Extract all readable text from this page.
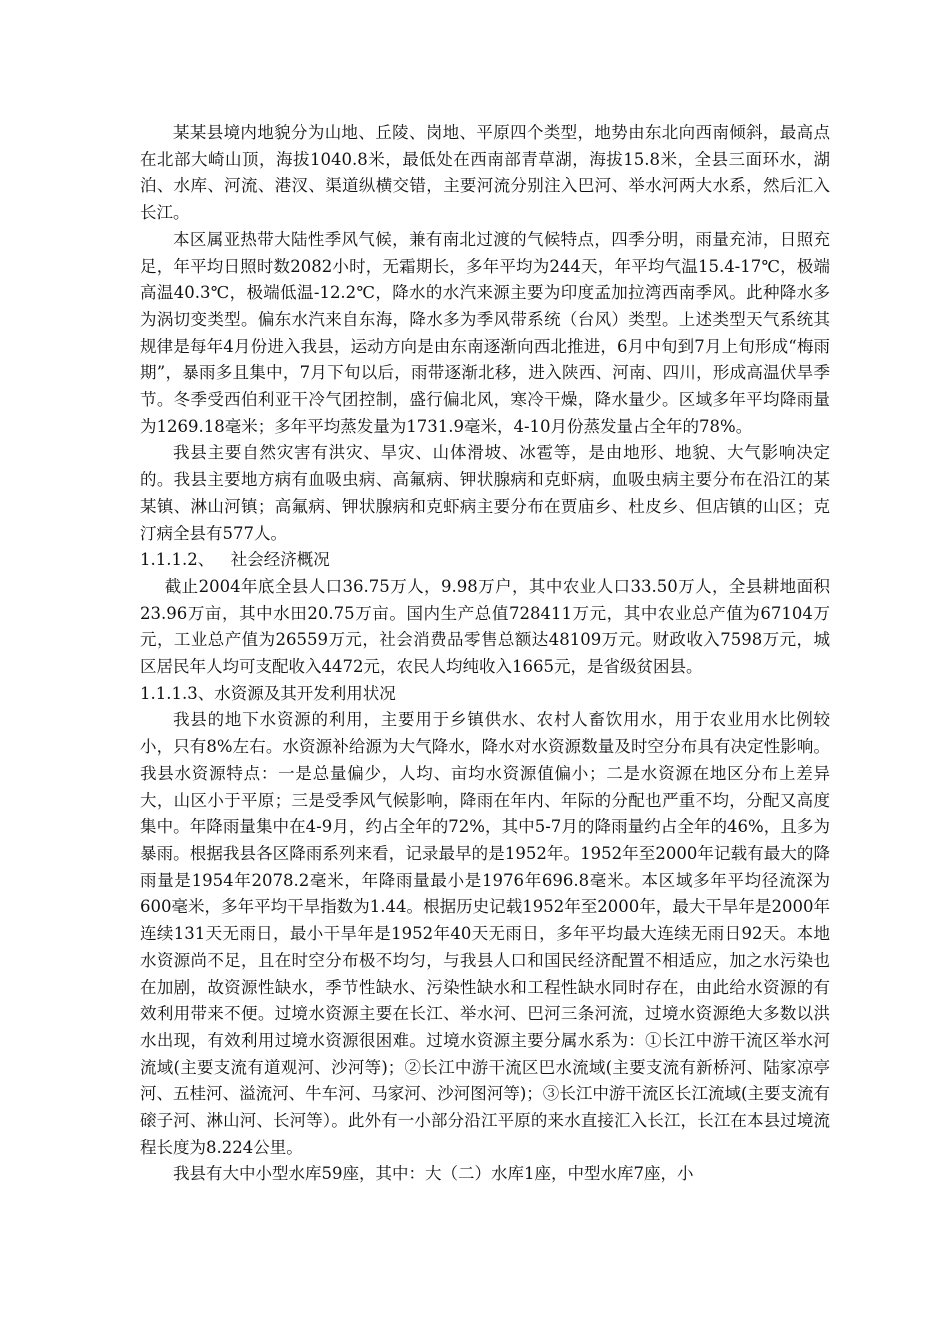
某某县境内地貌分为山地、丘陵、岗地、平原四个类型，地势由东北向西南倾斜，最高点在北部大崎山顶，海拔1040.8米，最低处在西南部青草湖，海拔15.8米，全县三面环水，湖泊、水库、河流、港汊、渠道纵横交错，主要河流分别注入巴河、举水河两大水系，然后汇入长江。

本区属亚热带大陆性季风气候，兼有南北过渡的气候特点，四季分明，雨量充沛，日照充足，年平均日照时数2082小时，无霜期长，多年平均为244天，年平均气温15.4-17℃，极端高温40.3℃，极端低温-12.2℃，降水的水汽来源主要为印度孟加拉湾西南季风。此种降水多为涡切变类型。偏东水汽来自东海，降水多为季风带系统（台风）类型。上述类型天气系统其规律是每年4月份进入我县，运动方向是由东南逐渐向西北推进，6月中旬到7月上旬形成“梅雨期”，暴雨多且集中，7月下旬以后，雨带逐渐北移，进入陕西、河南、四川，形成高温伏旱季节。冬季受西伯利亚干冷气团控制，盛行偏北风，寒冷干燥，降水量少。区域多年平均降雨量为1269.18毫米；多年平均蒸发量为1731.9毫米，4-10月份蒸发量占全年的78%。

我县主要自然灾害有洪灾、旱灾、山体滑坡、冰雹等，是由地形、地貌、大气影响决定的。我县主要地方病有血吸虫病、高氟病、钾状腺病和克虾病，血吸虫病主要分布在沿江的某某镇、淋山河镇；高氟病、钾状腺病和克虾病主要分布在贾庙乡、杜皮乡、但店镇的山区；克汀病全县有577人。

1.1.1.2、 社会经济概况

截止2004年底全县人口36.75万人，9.98万户，其中农业人口33.50万人，全县耕地面积23.96万亩，其中水田20.75万亩。国内生产总值728411万元，其中农业总产值为67104万元，工业总产值为26559万元，社会消费品零售总额达48109万元。财政收入7598万元，城区居民年人均可支配收入4472元，农民人均纯收入1665元，是省级贫困县。

1.1.1.3、水资源及其开发利用状况

我县的地下水资源的利用，主要用于乡镇供水、农村人畜饮用水，用于农业用水比例较小，只有8%左右。水资源补给源为大气降水，降水对水资源数量及时空分布具有决定性影响。我县水资源特点：一是总量偏少，人均、亩均水资源值偏小；二是水资源在地区分布上差异大，山区小于平原；三是受季风气候影响，降雨在年内、年际的分配也严重不均，分配又高度集中。年降雨量集中在4-9月，约占全年的72%，其中5-7月的降雨量约占全年的46%，且多为暴雨。根据我县各区降雨系列来看，记录最早的是1952年。1952年至2000年记载有最大的降雨量是1954年2078.2毫米，年降雨量最小是1976年696.8毫米。本区域多年平均径流深为600毫米，多年平均干旱指数为1.44。根据历史记载1952年至2000年，最大干旱年是2000年连续131天无雨日，最小干旱年是1952年40天无雨日，多年平均最大连续无雨日92天。本地水资源尚不足，且在时空分布极不均匀，与我县人口和国民经济配置不相适应，加之水污染也在加剧，故资源性缺水，季节性缺水、污染性缺水和工程性缺水同时存在，由此给水资源的有效利用带来不便。过境水资源主要在长江、举水河、巴河三条河流，过境水资源绝大多数以洪水出现，有效利用过境水资源很困难。过境水资源主要分属水系为：①长江中游干流区举水河流域(主要支流有道观河、沙河等)；②长江中游干流区巴水流域(主要支流有新桥河、陆家凉亭河、五桂河、溢流河、牛车河、马家河、沙河图河等)；③长江中游干流区长江流域(主要支流有磙子河、淋山河、长河等）。此外有一小部分沿江平原的来水直接汇入长江，长江在本县过境流程长度为8.224公里。

我县有大中小型水库59座，其中：大（二）水库1座，中型水库7座，小
